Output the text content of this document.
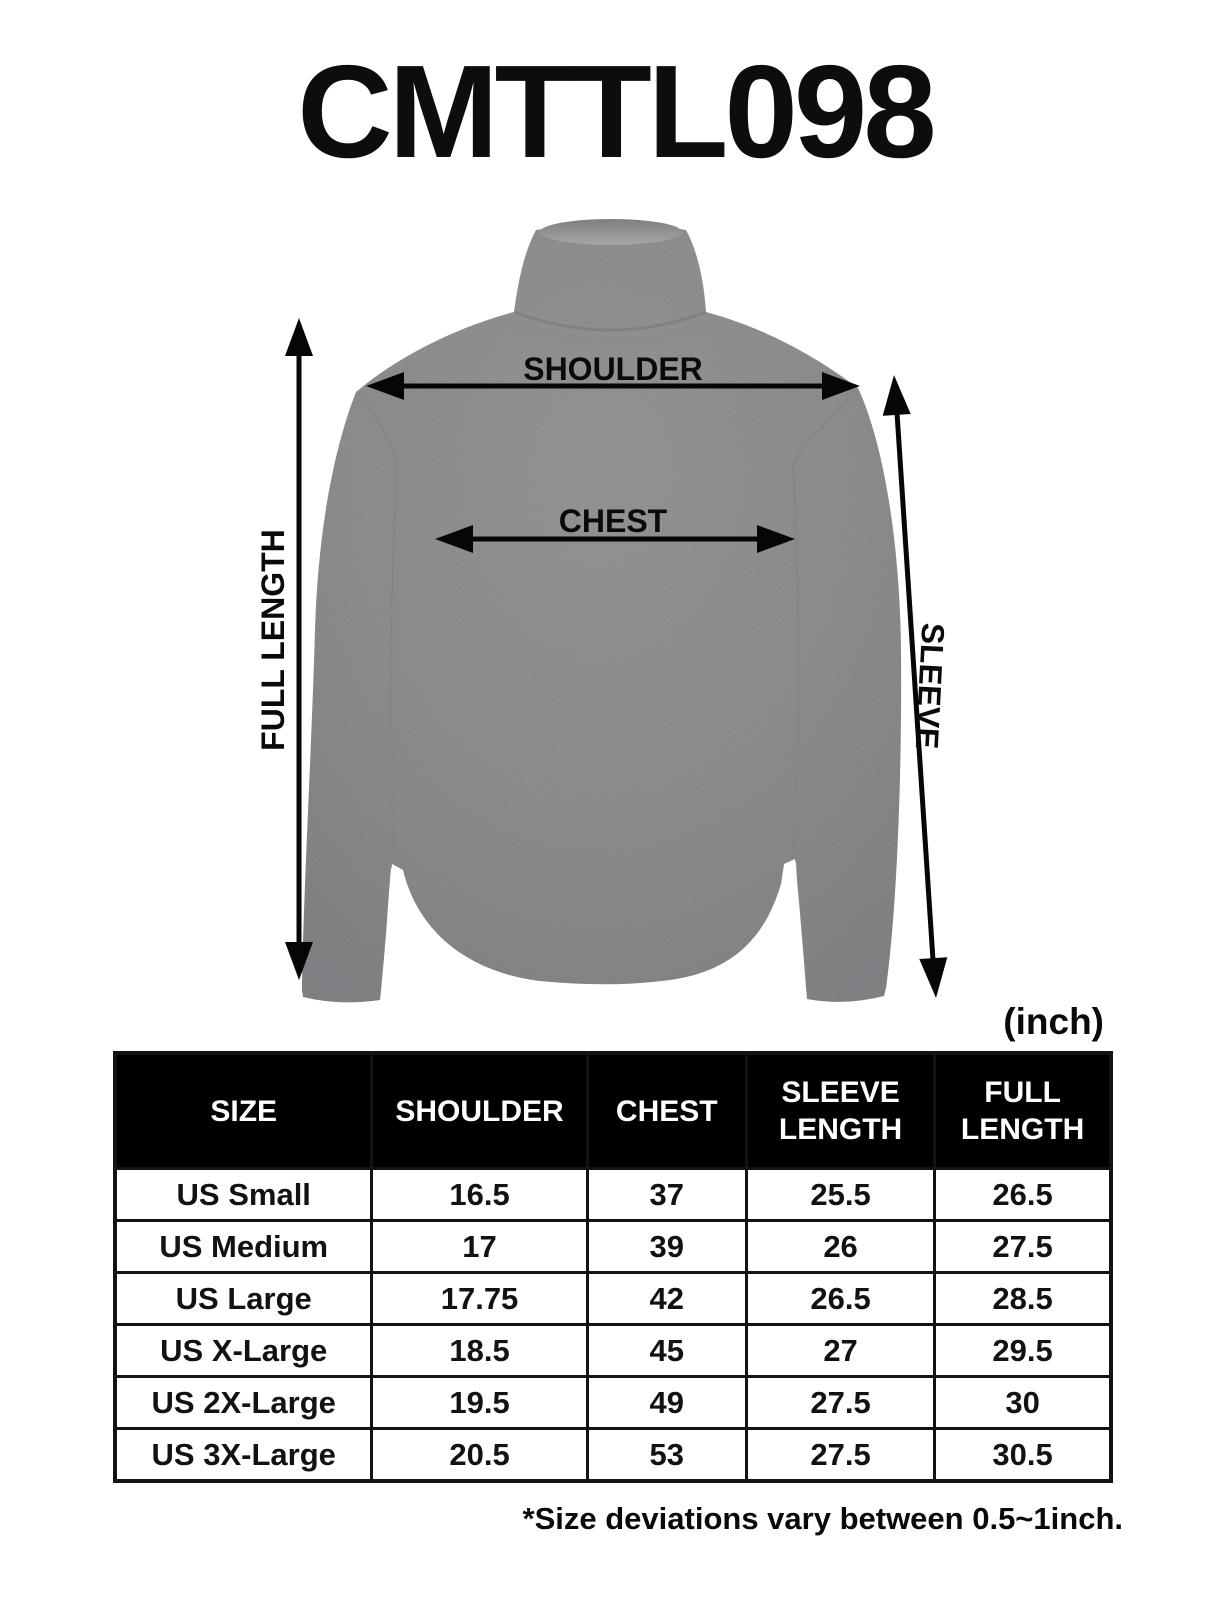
CMTTL098
SHOULDER
CHEST
FULL LENGTH	SLEEVE
(inch)
SIZE	SHOULDER	CHEST	SLEEVE LENGTH	FULL LENGTH
US Small	16.5	37	25.5	26.5
US Medium	17	39	26	27.5
US Large	17.75	42	26.5	28.5
US X-Large	18.5	45	27	29.5
US 2X-Large	19.5	49	27.5	30
US 3X-Large	20.5	53	27.5	30.5
*Size deviations vary between 0.5~1inch.
